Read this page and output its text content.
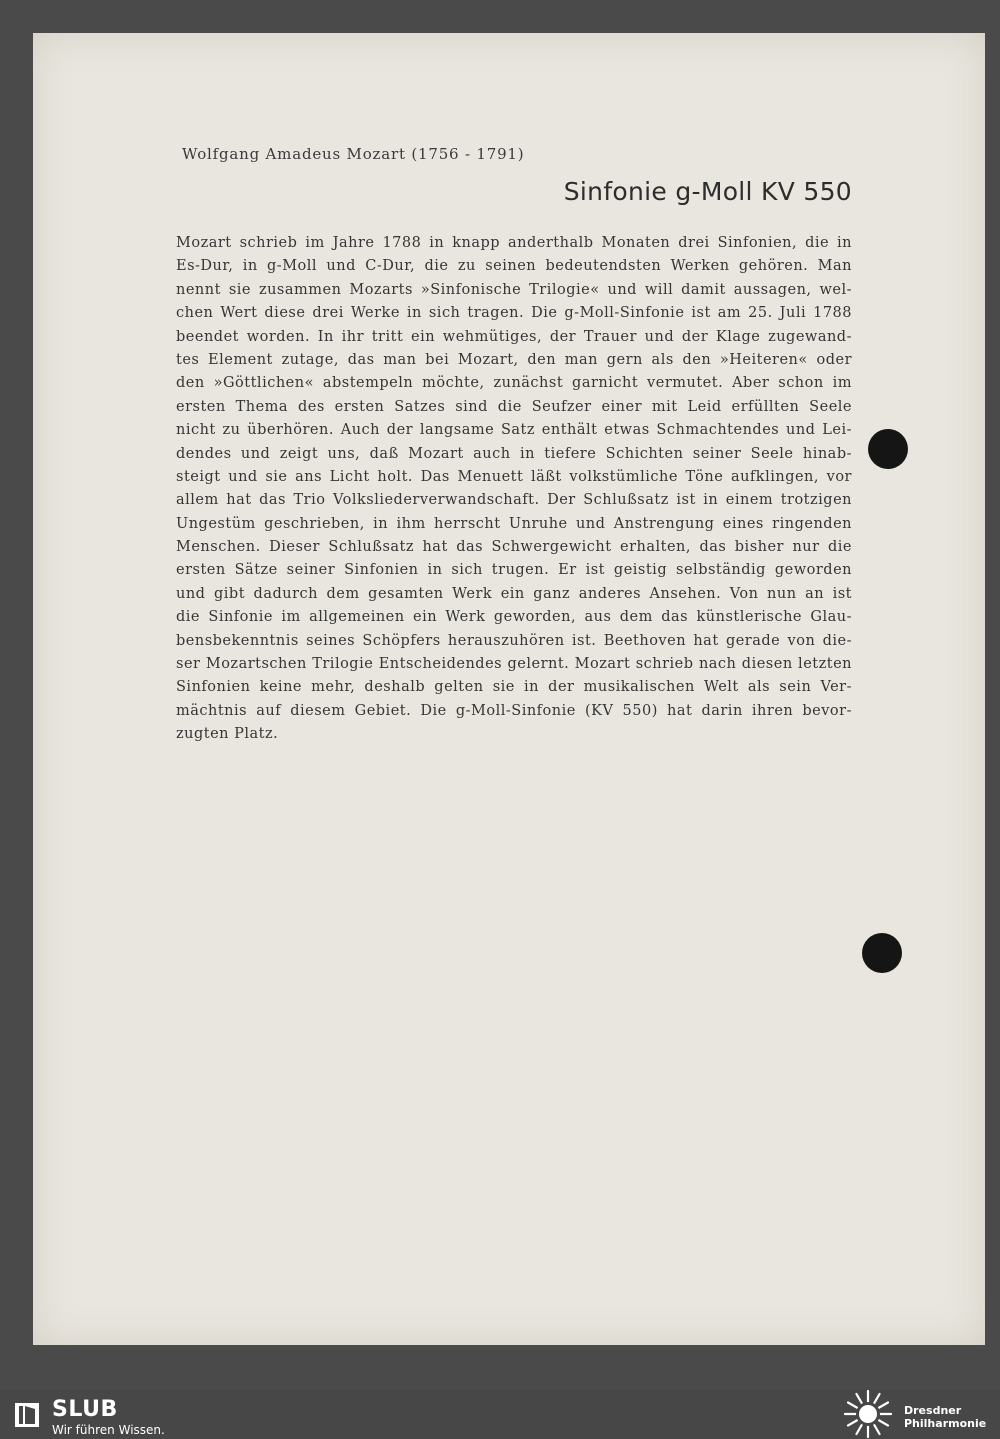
Wolfgang Amadeus Mozart (1756 - 1791)
Sinfonie g-Moll KV 550
Mozart schrieb im Jahre 1788 in knapp anderthalb Monaten drei Sinfonien, die in
Es-Dur, in g-Moll und C-Dur, die zu seinen bedeutendsten Werken gehören. Man
nennt sie zusammen Mozarts »Sinfonische Trilogie« und will damit aussagen, wel-
chen Wert diese drei Werke in sich tragen. Die g-Moll-Sinfonie ist am 25. Juli 1788
beendet worden. In ihr tritt ein wehmütiges, der Trauer und der Klage zugewand-
tes Element zutage, das man bei Mozart, den man gern als den »Heiteren« oder
den »Göttlichen« abstempeln möchte, zunächst garnicht vermutet. Aber schon im
ersten Thema des ersten Satzes sind die Seufzer einer mit Leid erfüllten Seele
nicht zu überhören. Auch der langsame Satz enthält etwas Schmachtendes und Lei-
dendes und zeigt uns, daß Mozart auch in tiefere Schichten seiner Seele hinab-
steigt und sie ans Licht holt. Das Menuett läßt volkstümliche Töne aufklingen, vor
allem hat das Trio Volksliederverwandschaft. Der Schlußsatz ist in einem trotzigen
Ungestüm geschrieben, in ihm herrscht Unruhe und Anstrengung eines ringenden
Menschen. Dieser Schlußsatz hat das Schwergewicht erhalten, das bisher nur die
ersten Sätze seiner Sinfonien in sich trugen. Er ist geistig selbständig geworden
und gibt dadurch dem gesamten Werk ein ganz anderes Ansehen. Von nun an ist
die Sinfonie im allgemeinen ein Werk geworden, aus dem das künstlerische Glau-
bensbekenntnis seines Schöpfers herauszuhören ist. Beethoven hat gerade von die-
ser Mozartschen Trilogie Entscheidendes gelernt. Mozart schrieb nach diesen letzten
Sinfonien keine mehr, deshalb gelten sie in der musikalischen Welt als sein Ver-
mächtnis auf diesem Gebiet. Die g-Moll-Sinfonie (KV 550) hat darin ihren bevor-
zugten Platz.
SLUB
Wir führen Wissen.
Dresdner
Philharmonie
